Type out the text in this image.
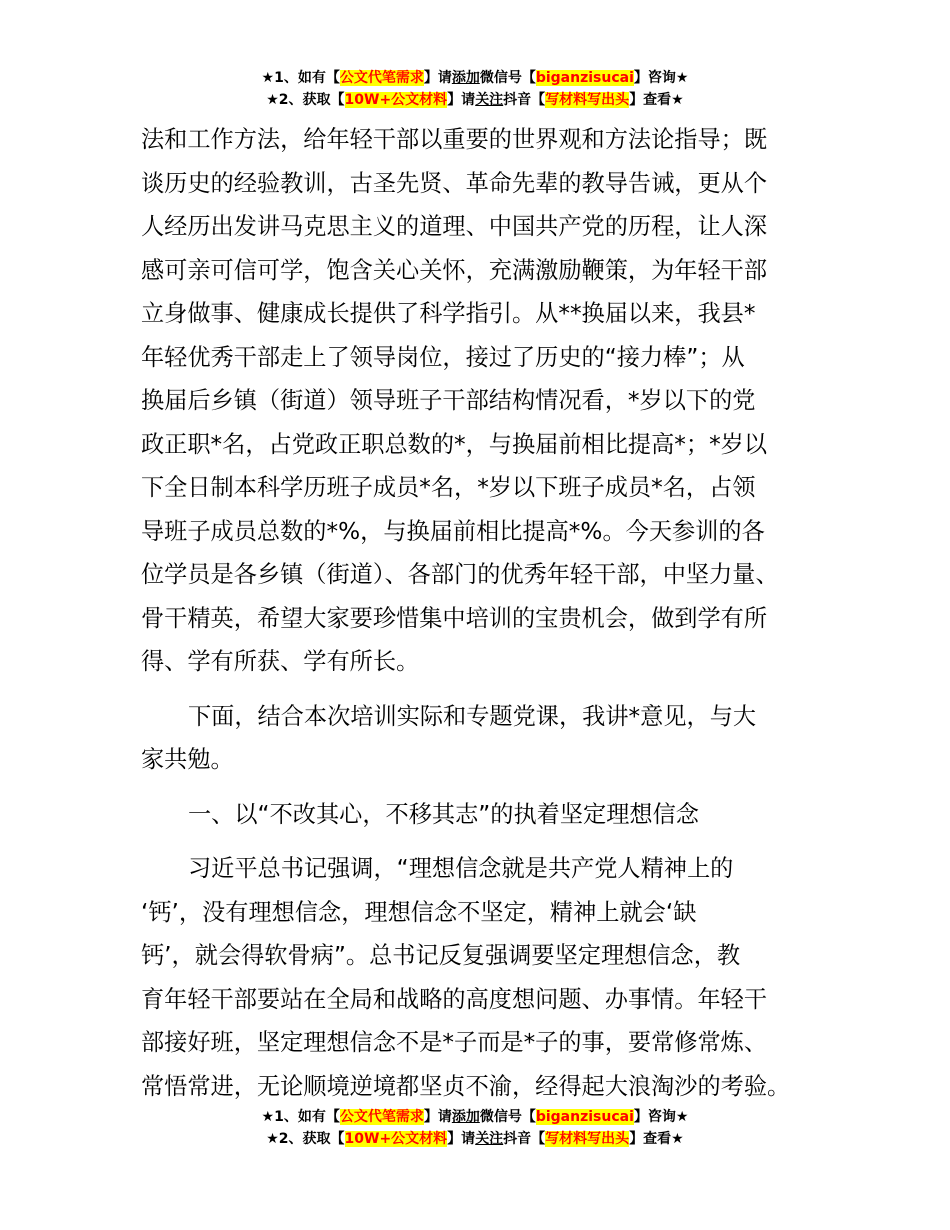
★1、如有【公文代笔需求】请添加微信号【biganzisucai】咨询★
★2、获取【10W+公文材料】请关注抖音【写材料写出头】查看★
法和工作方法，给年轻干部以重要的世界观和方法论指导；既
谈历史的经验教训，古圣先贤、革命先辈的教导告诫，更从个
人经历出发讲马克思主义的道理、中国共产党的历程，让人深
感可亲可信可学，饱含关心关怀，充满激励鞭策，为年轻干部
立身做事、健康成长提供了科学指引。从**换届以来，我县*
年轻优秀干部走上了领导岗位，接过了历史的“接力棒”；从
换届后乡镇（街道）领导班子干部结构情况看，*岁以下的党
政正职*名，占党政正职总数的*，与换届前相比提高*；*岁以
下全日制本科学历班子成员*名，*岁以下班子成员*名，占领
导班子成员总数的*%，与换届前相比提高*%。今天参训的各
位学员是各乡镇（街道）、各部门的优秀年轻干部，中坚力量、
骨干精英，希望大家要珍惜集中培训的宝贵机会，做到学有所
得、学有所获、学有所长。
下面，结合本次培训实际和专题党课，我讲*意见，与大
家共勉。
一、以“不改其心，不移其志”的执着坚定理想信念
习近平总书记强调，“理想信念就是共产党人精神上的
‘钙’，没有理想信念，理想信念不坚定，精神上就会‘缺
钙’，就会得软骨病”。总书记反复强调要坚定理想信念，教
育年轻干部要站在全局和战略的高度想问题、办事情。年轻干
部接好班，坚定理想信念不是*子而是*子的事，要常修常炼、
常悟常进，无论顺境逆境都坚贞不渝，经得起大浪淘沙的考验。
★1、如有【公文代笔需求】请添加微信号【biganzisucai】咨询★
★2、获取【10W+公文材料】请关注抖音【写材料写出头】查看★
